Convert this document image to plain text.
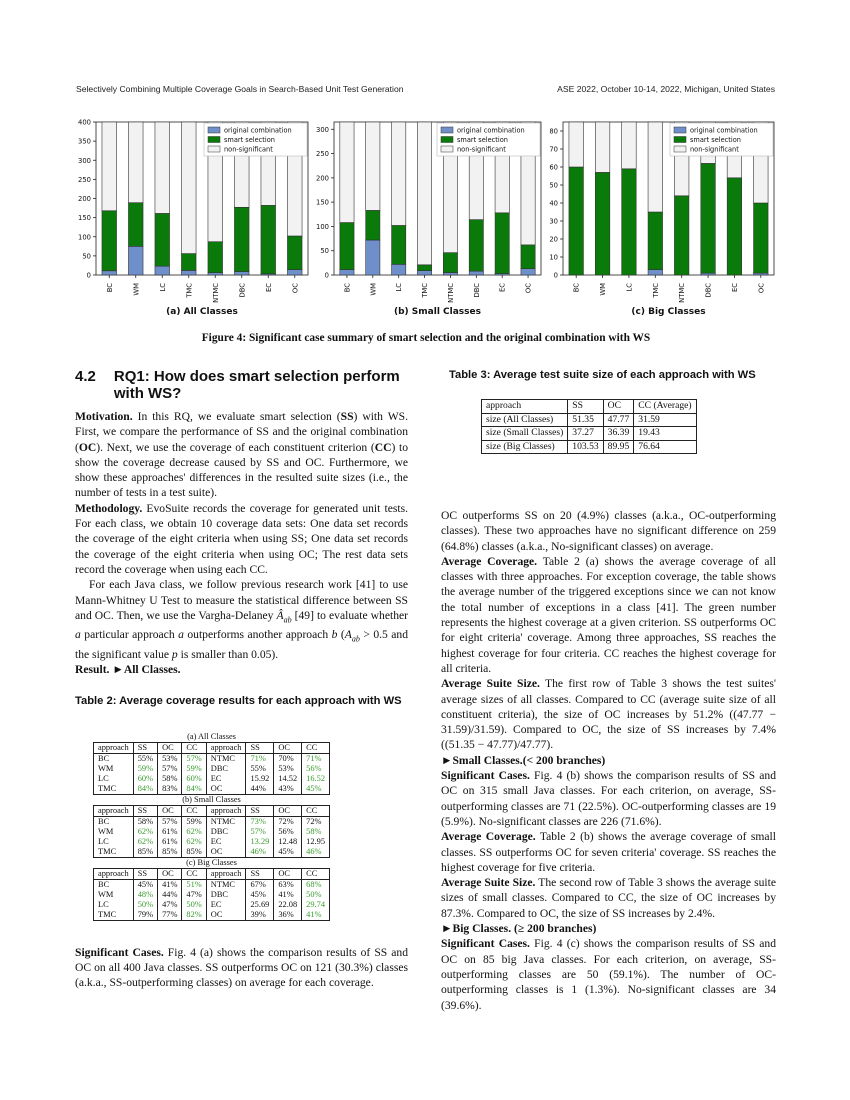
Selectively Combining Multiple Coverage Goals in Search-Based Unit Test Generation	ASE 2022, October 10-14, 2022, Michigan, United States
0
50
100
150
200
250
300
350
400
BC	WM	LC	TMC	NTMC	DBC	EC	OC
original combination
smart selection
non-significant
(a) All Classes
0
50
100
150
200
250
300
BC	WM	LC	TMC	NTMC	DBC	EC	OC
original combination
smart selection
non-significant
(b) Small Classes
0
10
20
30
40
50
60
70
80
BC	WM	LC	TMC	NTMC	DBC	EC	OC
original combination
smart selection
non-significant
(c) Big Classes
Figure 4: Significant case summary of smart selection and the original combination with WS
4.2 RQ1: How does smart selection perform with WS?

Motivation. In this RQ, we evaluate smart selection (SS) with WS. First, we compare the performance of SS and the original combination (OC). Next, we use the coverage of each constituent criterion (CC) to show the coverage decrease caused by SS and OC. Furthermore, we show these approaches' differences in the resulted suite sizes (i.e., the number of tests in a test suite).

Methodology. EvoSuite records the coverage for generated unit tests. For each class, we obtain 10 coverage data sets: One data set records the coverage of the eight criteria when using SS; One data set records the coverage of the eight criteria when using OC; The rest data sets record the coverage when using each CC.

For each Java class, we follow previous research work [41] to use Mann-Whitney U Test to measure the statistical difference between SS and OC. Then, we use the Vargha-Delaney $Â_{ab}$ [49] to evaluate whether a particular approach a outperforms another approach b ($A_{ab} > 0.5$ and the significant value p is smaller than 0.05).

Result. ►All Classes.

Table 2: Average coverage results for each approach with WS
(a) All Classes							
approach	SS	OC	CC	approach	SS	OC	CC
BC	55%	53%	57%	NTMC	71%	70%	71%
WM	59%	57%	59%	DBC	55%	53%	56%
LC	60%	58%	60%	EC	15.92	14.52	16.52
TMC	84%	83%	84%	OC	44%	43%	45%
(b) Small Classes							
approach	SS	OC	CC	approach	SS	OC	CC
BC	58%	57%	59%	NTMC	73%	72%	72%
WM	62%	61%	62%	DBC	57%	56%	58%
LC	62%	61%	62%	EC	13.29	12.48	12.95
TMC	85%	85%	85%	OC	46%	45%	46%
(c) Big Classes							
approach	SS	OC	CC	approach	SS	OC	CC
BC	45%	41%	51%	NTMC	67%	63%	68%
WM	48%	44%	47%	DBC	45%	41%	50%
LC	50%	47%	50%	EC	25.69	22.08	29.74
TMC	79%	77%	82%	OC	39%	36%	41%

Significant Cases. Fig. 4 (a) shows the comparison results of SS and OC on all 400 Java classes. SS outperforms OC on 121 (30.3%) classes (a.k.a., SS-outperforming classes) on average for each coverage.

Table 3: Average test suite size of each approach with WS
approach	SS	OC	CC (Average)
size (All Classes)	51.35	47.77	31.59
size (Small Classes)	37.27	36.39	19.43
size (Big Classes)	103.53	89.95	76.64

OC outperforms SS on 20 (4.9%) classes (a.k.a., OC-outperforming classes). These two approaches have no significant difference on 259 (64.8%) classes (a.k.a., No-significant classes) on average.

Average Coverage. Table 2 (a) shows the average coverage of all classes with three approaches. For exception coverage, the table shows the average number of the triggered exceptions since we can not know the total number of exceptions in a class [41]. The green number represents the highest coverage at a given criterion. SS outperforms OC for eight criteria' coverage. Among three approaches, SS reaches the highest coverage for four criteria. CC reaches the highest coverage for all criteria.

Average Suite Size. The first row of Table 3 shows the test suites' average sizes of all classes. Compared to CC (average suite size of all constituent criteria), the size of OC increases by 51.2% ((47.77 − 31.59)/31.59). Compared to OC, the size of SS increases by 7.4% ((51.35 − 47.77)/47.77).

►Small Classes.(< 200 branches)

Significant Cases. Fig. 4 (b) shows the comparison results of SS and OC on 315 small Java classes. For each criterion, on average, SS-outperforming classes are 71 (22.5%). OC-outperforming classes are 19 (5.9%). No-significant classes are 226 (71.6%).

Average Coverage. Table 2 (b) shows the average coverage of small classes. SS outperforms OC for seven criteria' coverage. SS reaches the highest coverage for five criteria.

Average Suite Size. The second row of Table 3 shows the average suite sizes of small classes. Compared to CC, the size of OC increases by 87.3%. Compared to OC, the size of SS increases by 2.4%.

►Big Classes. (≥ 200 branches)

Significant Cases. Fig. 4 (c) shows the comparison results of SS and OC on 85 big Java classes. For each criterion, on average, SS-outperforming classes are 50 (59.1%). The number of OC-outperforming classes is 1 (1.3%). No-significant classes are 34 (39.6%).
